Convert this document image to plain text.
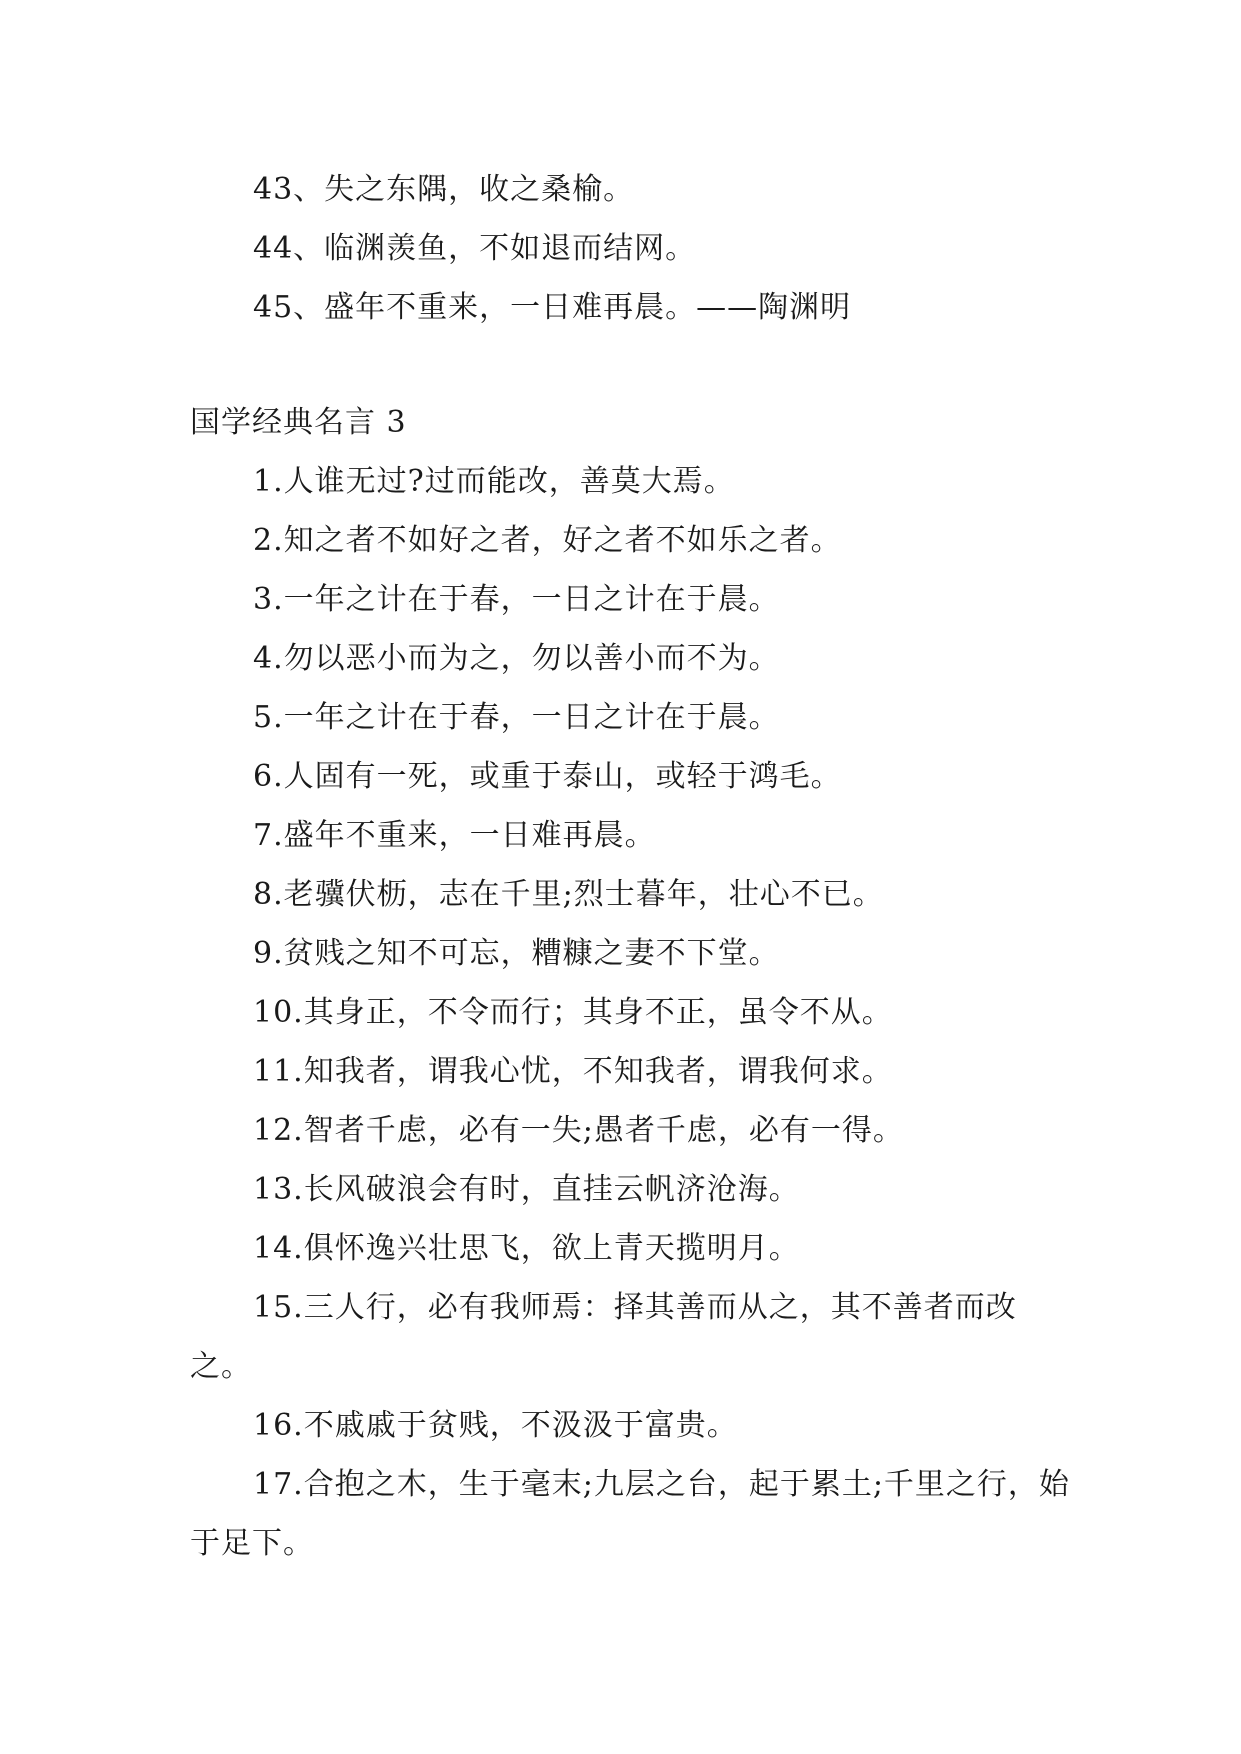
43、失之东隅，收之桑榆。
44、临渊羡鱼，不如退而结网。
45、盛年不重来，一日难再晨。——陶渊明
国学经典名言 3
1.人谁无过?过而能改，善莫大焉。
2.知之者不如好之者，好之者不如乐之者。
3.一年之计在于春，一日之计在于晨。
4.勿以恶小而为之，勿以善小而不为。
5.一年之计在于春，一日之计在于晨。
6.人固有一死，或重于泰山，或轻于鸿毛。
7.盛年不重来，一日难再晨。
8.老骥伏枥，志在千里;烈士暮年，壮心不已。
9.贫贱之知不可忘，糟糠之妻不下堂。
10.其身正，不令而行；其身不正，虽令不从。
11.知我者，谓我心忧，不知我者，谓我何求。
12.智者千虑，必有一失;愚者千虑，必有一得。
13.长风破浪会有时，直挂云帆济沧海。
14.俱怀逸兴壮思飞，欲上青天揽明月。
15.三人行，必有我师焉：择其善而从之，其不善者而改之。
16.不戚戚于贫贱，不汲汲于富贵。
17.合抱之木，生于毫末;九层之台，起于累土;千里之行，始于足下。
